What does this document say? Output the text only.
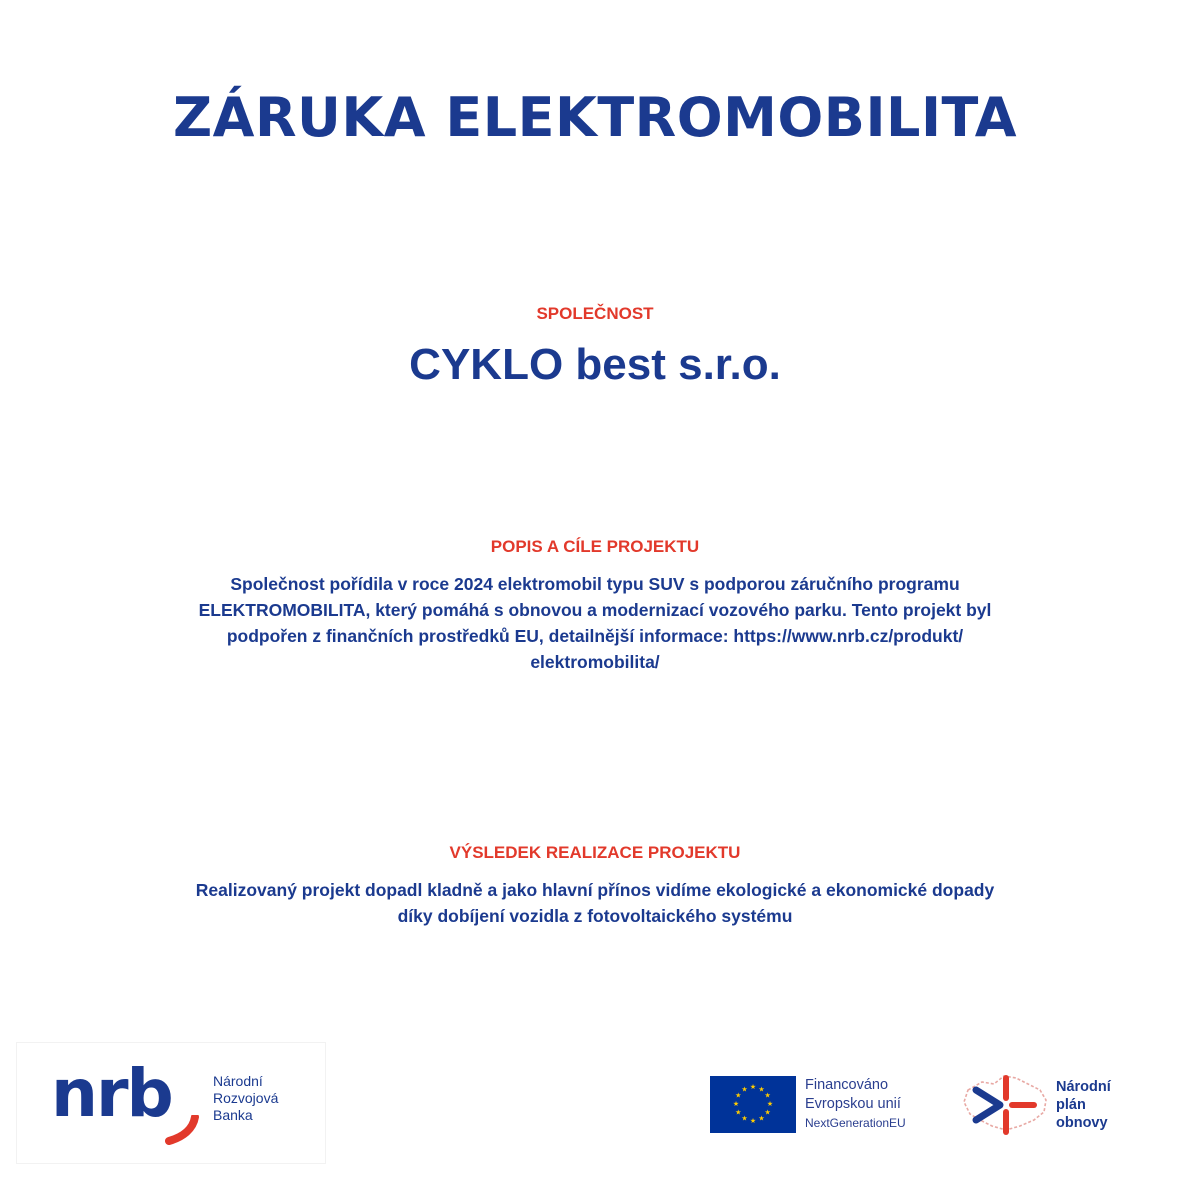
ZÁRUKA ELEKTROMOBILITA
SPOLEČNOST
CYKLO best s.r.o.
POPIS A CÍLE PROJEKTU
Společnost pořídila v roce 2024 elektromobil typu SUV s podporou záručního programu
ELEKTROMOBILITA, který pomáhá s obnovou a modernizací vozového parku. Tento projekt byl
podpořen z finančních prostředků EU, detailnější informace: https://www.nrb.cz/produkt/
elektromobilita/
VÝSLEDEK REALIZACE PROJEKTU
Realizovaný projekt dopadl kladně a jako hlavní přínos vidíme ekologické a ekonomické dopady
díky dobíjení vozidla z fotovoltaického systému
nrb	Národní
Rozvojová
Banka
★ ★
★
★
★
★
★
★
★
★
★
★	Financováno
Evropskou unií
NextGenerationEU
Národní
plán
obnovy
